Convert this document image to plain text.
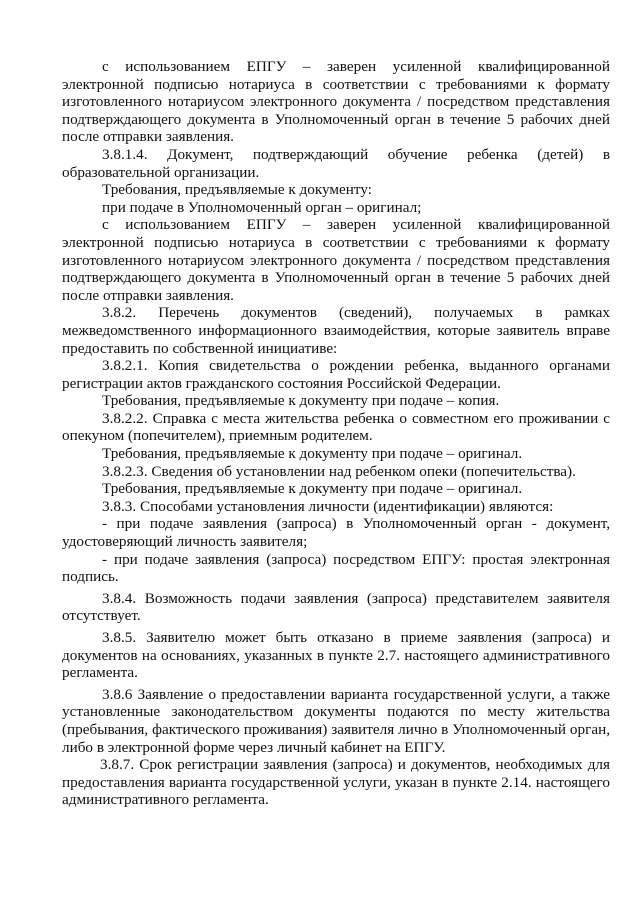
с использованием ЕПГУ – заверен усиленной квалифицированной электронной подписью нотариуса в соответствии с требованиями к формату изготовленного нотариусом электронного документа / посредством представления подтверждающего документа в Уполномоченный орган в течение 5 рабочих дней после отправки заявления.

3.8.1.4. Документ, подтверждающий обучение ребенка (детей) в образовательной организации.

Требования, предъявляемые к документу:

при подаче в Уполномоченный орган – оригинал;

с использованием ЕПГУ – заверен усиленной квалифицированной электронной подписью нотариуса в соответствии с требованиями к формату изготовленного нотариусом электронного документа / посредством представления подтверждающего документа в Уполномоченный орган в течение 5 рабочих дней после отправки заявления.

3.8.2. Перечень документов (сведений), получаемых в рамках межведомственного информационного взаимодействия, которые заявитель вправе предоставить по собственной инициативе:

3.8.2.1. Копия свидетельства о рождении ребенка, выданного органами регистрации актов гражданского состояния Российской Федерации.

Требования, предъявляемые к документу при подаче – копия.

3.8.2.2. Справка с места жительства ребенка о совместном его проживании с опекуном (попечителем), приемным родителем.

Требования, предъявляемые к документу при подаче – оригинал.

3.8.2.3. Сведения об установлении над ребенком опеки (попечительства).

Требования, предъявляемые к документу при подаче – оригинал.

3.8.3. Способами установления личности (идентификации) являются:

- при подаче заявления (запроса) в Уполномоченный орган - документ, удостоверяющий личность заявителя;

- при подаче заявления (запроса) посредством ЕПГУ: простая электронная подпись.

3.8.4. Возможность подачи заявления (запроса) представителем заявителя отсутствует.

3.8.5. Заявителю может быть отказано в приеме заявления (запроса) и документов на основаниях, указанных в пункте 2.7. настоящего административного регламента.

3.8.6 Заявление о предоставлении варианта государственной услуги, а также установленные законодательством документы подаются по месту жительства (пребывания, фактического проживания) заявителя лично в Уполномоченный орган, либо в электронной форме через личный кабинет на ЕПГУ.

3.8.7. Срок регистрации заявления (запроса) и документов, необходимых для предоставления варианта государственной услуги, указан в пункте 2.14. настоящего административного регламента.
